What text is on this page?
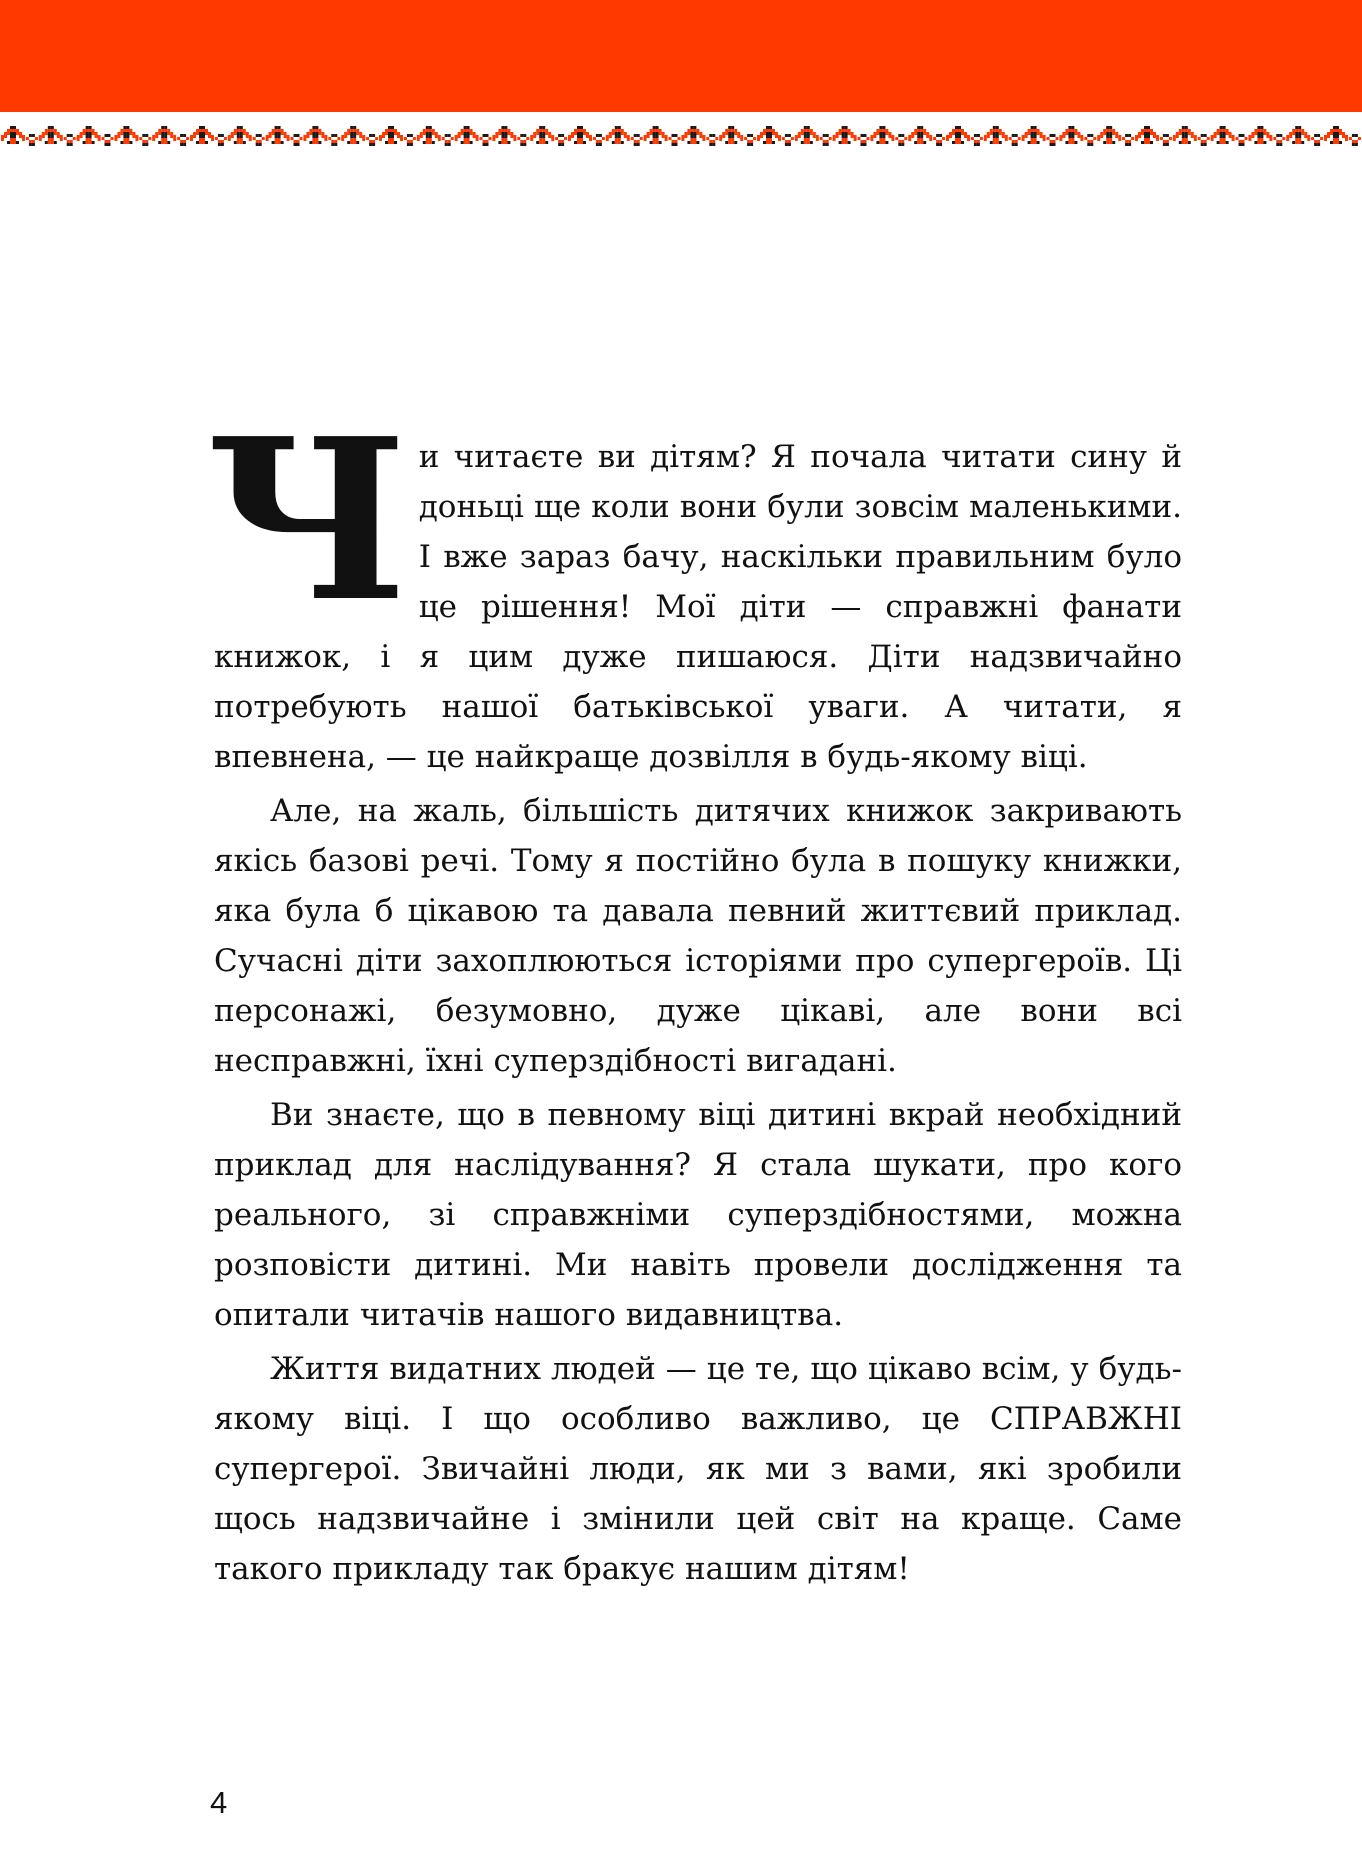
Чи читаєте ви дітям? Я почала читати сину й доньці ще коли вони були зовсім маленькими. І вже зараз бачу, наскільки правильним було це рішення! Мої діти — справжні фанати книжок, і я цим дуже пишаюся. Діти надзвичайно потребують нашої батьківської уваги. А читати, я впевнена, — це найкраще дозвілля в будь-якому віці.

Але, на жаль, більшість дитячих книжок закривають якісь базові речі. Тому я постійно була в пошуку книжки, яка була б цікавою та давала певний життєвий приклад. Сучасні діти захоплюються історіями про супергероїв. Ці персонажі, безумовно, дуже цікаві, але вони всі несправжні, їхні суперздібності вигадані.

Ви знаєте, що в певному віці дитині вкрай необхідний приклад для наслідування? Я стала шукати, про кого реального, зі справжніми суперздібностями, можна розповісти дитині. Ми навіть провели дослідження та опитали читачів нашого видавництва.

Життя видатних людей — це те, що цікаво всім, у будь-якому віці. І що особливо важливо, це СПРАВЖНІ супергерої. Звичайні люди, як ми з вами, які зробили щось надзвичайне і змінили цей світ на краще. Саме такого прикладу так бракує нашим дітям!

4
